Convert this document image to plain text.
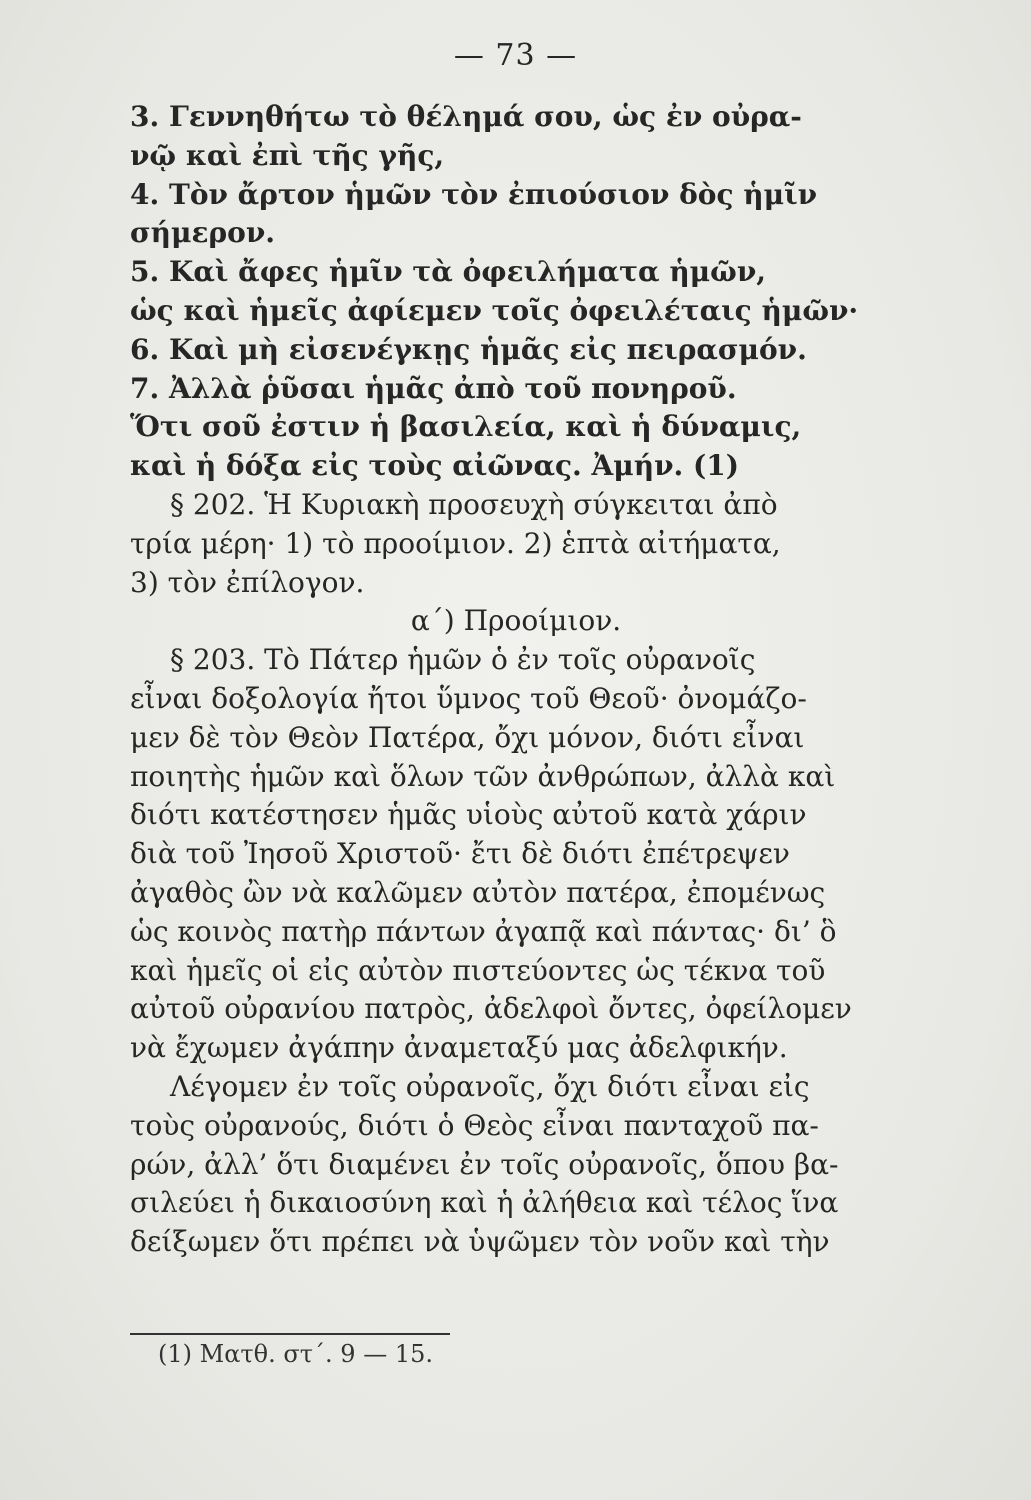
— 73 —

3. Γεννηθήτω τὸ θέλημά σου, ὡς ἐν οὐρα-

νῷ καὶ ἐπὶ τῆς γῆς,

4. Τὸν ἄρτον ἡμῶν τὸν ἐπιούσιον δὸς ἡμῖν

σήμερον.

5. Καὶ ἄφες ἡμῖν τὰ ὀφειλήματα ἡμῶν,

ὡς καὶ ἡμεῖς ἀφίεμεν τοῖς ὀφειλέταις ἡμῶν·

6. Καὶ μὴ εἰσενέγκῃς ἡμᾶς εἰς πειρασμόν.

7. Ἀλλὰ ῥῦσαι ἡμᾶς ἀπὸ τοῦ πονηροῦ.

Ὅτι σοῦ ἐστιν ἡ βασιλεία, καὶ ἡ δύναμις,

καὶ ἡ δόξα εἰς τοὺς αἰῶνας. Ἀμήν. (1)

§ 202. Ἡ Κυριακὴ προσευχὴ σύγκειται ἀπὸ

τρία μέρη· 1) τὸ προοίμιον. 2) ἑπτὰ αἰτήματα,

3) τὸν ἐπίλογον.

α΄) Προοίμιον.

§ 203. Τὸ Πάτερ ἡμῶν ὁ ἐν τοῖς οὐρανοῖς

εἶναι δοξολογία ἤτοι ὕμνος τοῦ Θεοῦ· ὀνομάζο-

μεν δὲ τὸν Θεὸν Πατέρα, ὄχι μόνον, διότι εἶναι

ποιητὴς ἡμῶν καὶ ὅλων τῶν ἀνθρώπων, ἀλλὰ καὶ

διότι κατέστησεν ἡμᾶς υἱοὺς αὐτοῦ κατὰ χάριν

διὰ τοῦ Ἰησοῦ Χριστοῦ· ἔτι δὲ διότι ἐπέτρεψεν

ἀγαθὸς ὢν νὰ καλῶμεν αὐτὸν πατέρα, ἐπομένως

ὡς κοινὸς πατὴρ πάντων ἀγαπᾷ καὶ πάντας· δι’ ὃ

καὶ ἡμεῖς οἱ εἰς αὐτὸν πιστεύοντες ὡς τέκνα τοῦ

αὐτοῦ οὐρανίου πατρὸς, ἀδελφοὶ ὄντες, ὀφείλομεν

νὰ ἔχωμεν ἀγάπην ἀναμεταξύ μας ἀδελφικήν.

Λέγομεν ἐν τοῖς οὐρανοῖς, ὄχι διότι εἶναι εἰς

τοὺς οὐρανούς, διότι ὁ Θεὸς εἶναι πανταχοῦ πα-

ρών, ἀλλ’ ὅτι διαμένει ἐν τοῖς οὐρανοῖς, ὅπου βα-

σιλεύει ἡ δικαιοσύνη καὶ ἡ ἀλήθεια καὶ τέλος ἵνα

δείξωμεν ὅτι πρέπει νὰ ὑψῶμεν τὸν νοῦν καὶ τὴν

(1) Ματθ. στ΄. 9 — 15.
